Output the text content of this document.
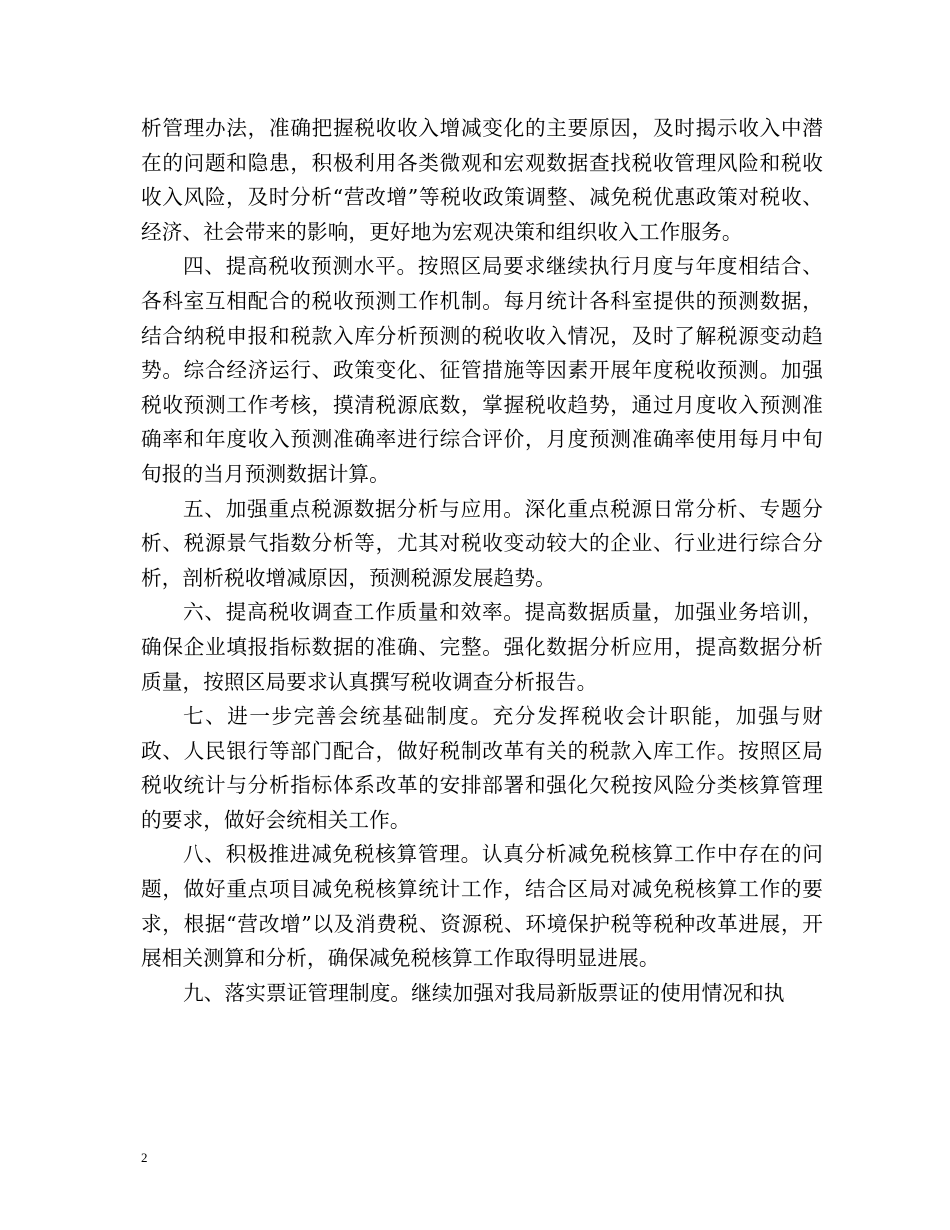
析管理办法，准确把握税收收入增减变化的主要原因，及时揭示收入中潜在的问题和隐患，积极利用各类微观和宏观数据查找税收管理风险和税收收入风险，及时分析“营改增”等税收政策调整、减免税优惠政策对税收、经济、社会带来的影响，更好地为宏观决策和组织收入工作服务。

四、提高税收预测水平。按照区局要求继续执行月度与年度相结合、各科室互相配合的税收预测工作机制。每月统计各科室提供的预测数据，结合纳税申报和税款入库分析预测的税收收入情况，及时了解税源变动趋势。综合经济运行、政策变化、征管措施等因素开展年度税收预测。加强税收预测工作考核，摸清税源底数，掌握税收趋势，通过月度收入预测准确率和年度收入预测准确率进行综合评价，月度预测准确率使用每月中旬旬报的当月预测数据计算。

五、加强重点税源数据分析与应用。深化重点税源日常分析、专题分析、税源景气指数分析等，尤其对税收变动较大的企业、行业进行综合分析，剖析税收增减原因，预测税源发展趋势。

六、提高税收调查工作质量和效率。提高数据质量，加强业务培训，确保企业填报指标数据的准确、完整。强化数据分析应用，提高数据分析质量，按照区局要求认真撰写税收调查分析报告。

七、进一步完善会统基础制度。充分发挥税收会计职能，加强与财政、人民银行等部门配合，做好税制改革有关的税款入库工作。按照区局税收统计与分析指标体系改革的安排部署和强化欠税按风险分类核算管理的要求，做好会统相关工作。

八、积极推进减免税核算管理。认真分析减免税核算工作中存在的问题，做好重点项目减免税核算统计工作，结合区局对减免税核算工作的要求，根据“营改增”以及消费税、资源税、环境保护税等税种改革进展，开展相关测算和分析，确保减免税核算工作取得明显进展。

九、落实票证管理制度。继续加强对我局新版票证的使用情况和执

2
